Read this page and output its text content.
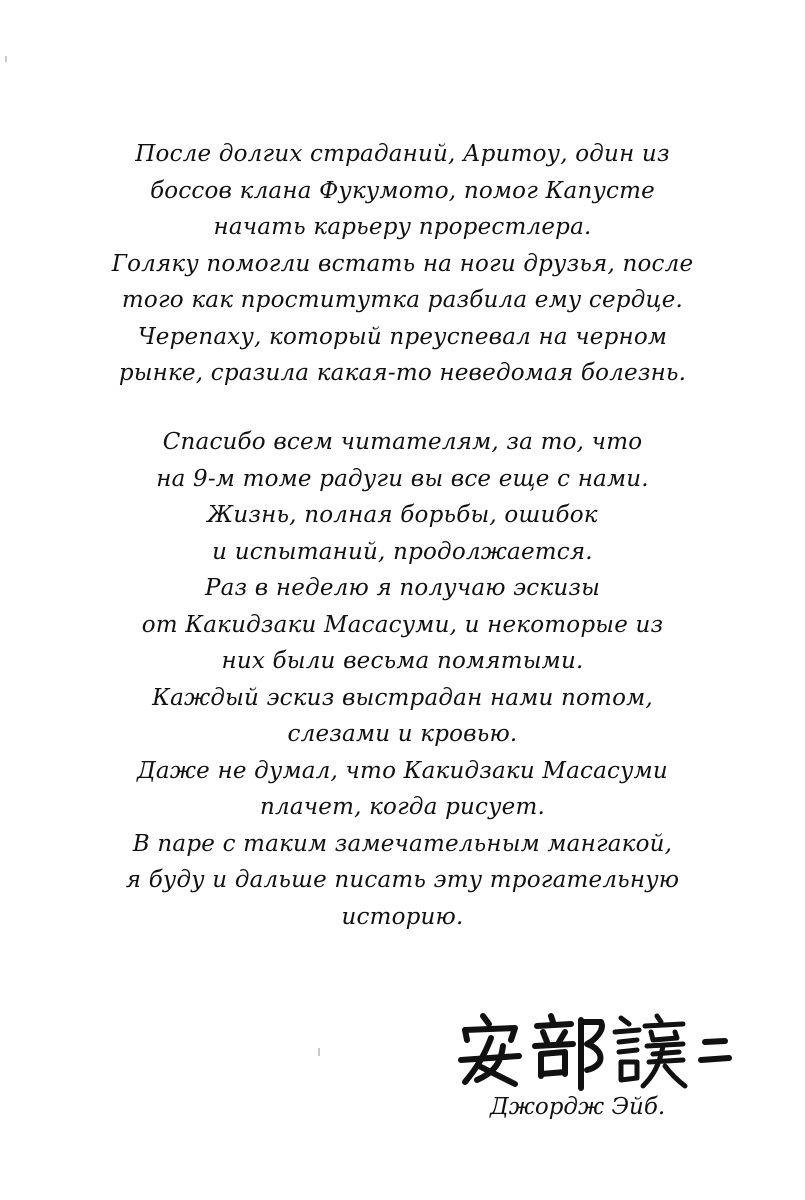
После долгих страданий, Аритоу, один из
боссов клана Фукумото, помог Капусте
начать карьеру прорестлера.
Голяку помогли встать на ноги друзья, после
того как проститутка разбила ему сердце.
Черепаху, который преуспевал на черном
рынке, сразила какая-то неведомая болезнь.
Спасибо всем читателям, за то, что
на 9-м томе радуги вы все еще с нами.
Жизнь, полная борьбы, ошибок
и испытаний, продолжается.
Раз в неделю я получаю эскизы
от Какидзаки Масасуми, и некоторые из
них были весьма помятыми.
Каждый эскиз выстрадан нами потом,
слезами и кровью.
Даже не думал, что Какидзаки Масасуми
плачет, когда рисует.
В паре с таким замечательным мангакой,
я буду и дальше писать эту трогательную
историю.
Джордж Эйб.
